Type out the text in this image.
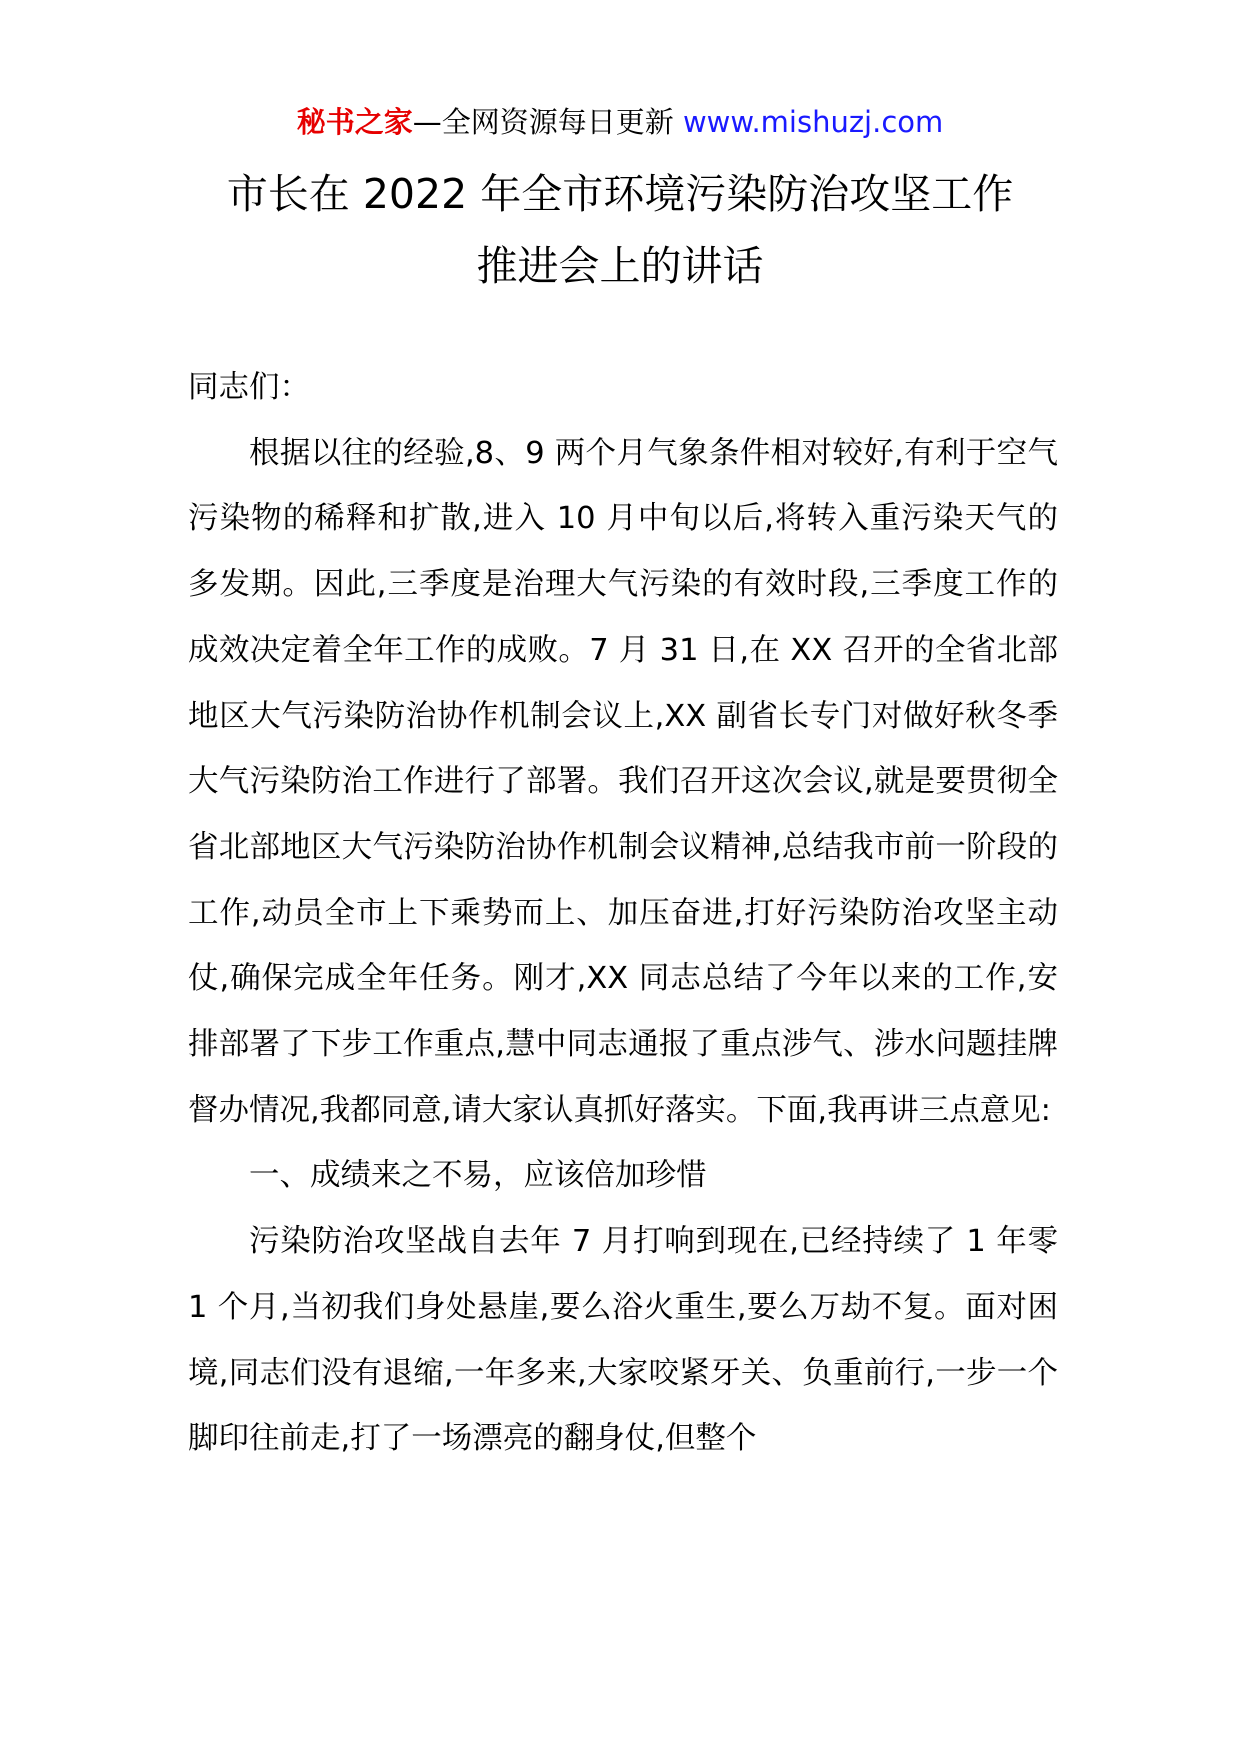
秘书之家—全网资源每日更新 www.mishuzj.com
市长在 2022 年全市环境污染防治攻坚工作
推进会上的讲话

同志们：

根据以往的经验,8、9 两个月气象条件相对较好,有利于空气污染物的稀释和扩散,进入 10 月中旬以后,将转入重污染天气的多发期。因此,三季度是治理大气污染的有效时段,三季度工作的成效决定着全年工作的成败。7 月 31 日,在 XX 召开的全省北部地区大气污染防治协作机制会议上,XX 副省长专门对做好秋冬季大气污染防治工作进行了部署。我们召开这次会议,就是要贯彻全省北部地区大气污染防治协作机制会议精神,总结我市前一阶段的工作,动员全市上下乘势而上、加压奋进,打好污染防治攻坚主动仗,确保完成全年任务。刚才,XX 同志总结了今年以来的工作,安排部署了下步工作重点,慧中同志通报了重点涉气、涉水问题挂牌督办情况,我都同意,请大家认真抓好落实。下面,我再讲三点意见:

一、成绩来之不易，应该倍加珍惜

污染防治攻坚战自去年 7 月打响到现在,已经持续了 1 年零 1 个月,当初我们身处悬崖,要么浴火重生,要么万劫不复。面对困境,同志们没有退缩,一年多来,大家咬紧牙关、负重前行,一步一个脚印往前走,打了一场漂亮的翻身仗,但整个
